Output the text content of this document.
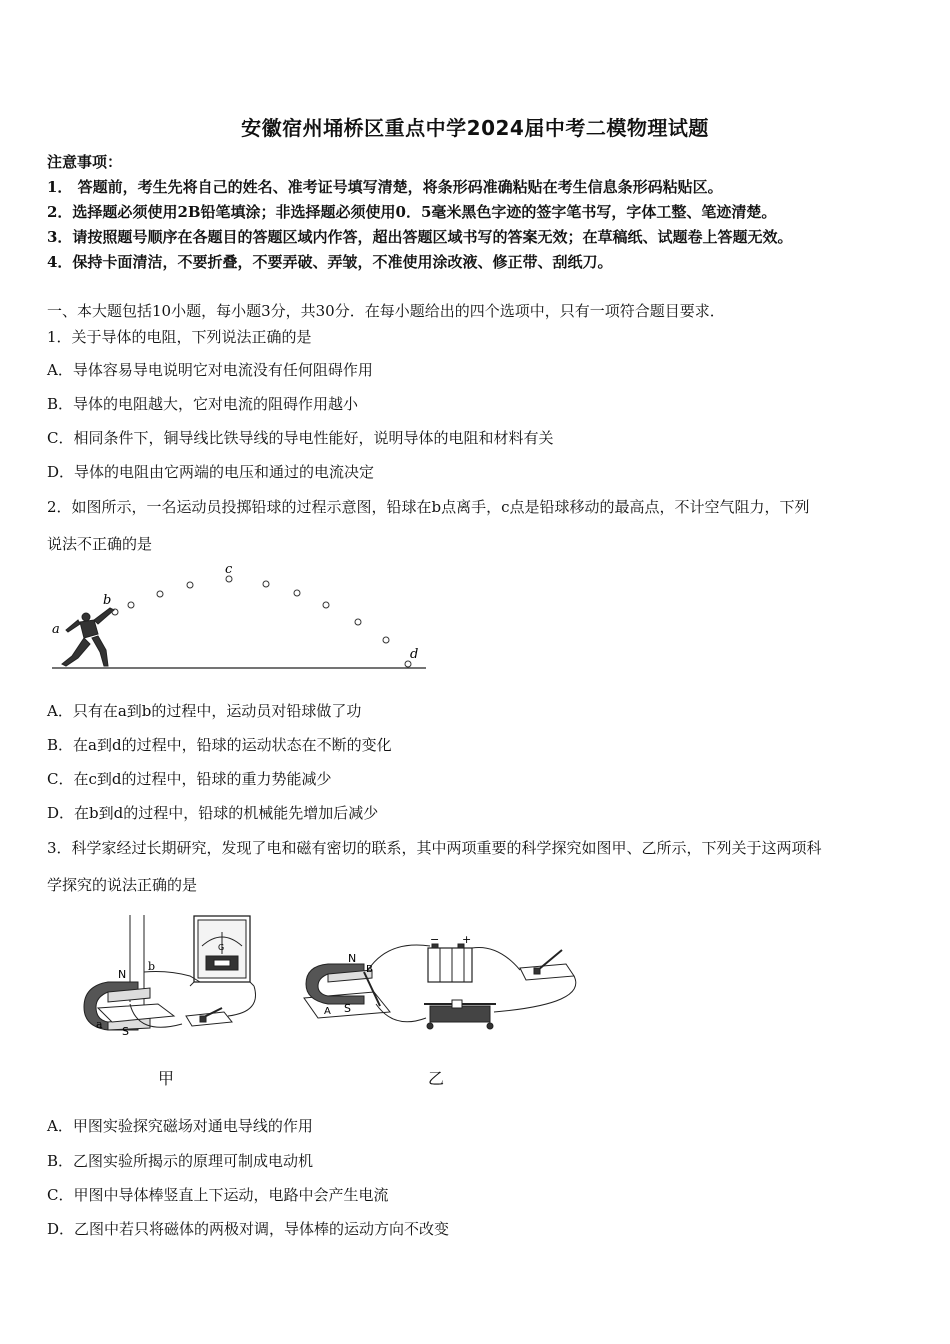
安徽宿州埇桥区重点中学2024届中考二模物理试题
注意事项：
1． 答题前，考生先将自己的姓名、准考证号填写清楚，将条形码准确粘贴在考生信息条形码粘贴区。
2．选择题必须使用2B铅笔填涂；非选择题必须使用0．5毫米黑色字迹的签字笔书写，字体工整、笔迹清楚。
3．请按照题号顺序在各题目的答题区域内作答，超出答题区域书写的答案无效；在草稿纸、试题卷上答题无效。
4．保持卡面清洁，不要折叠，不要弄破、弄皱，不准使用涂改液、修正带、刮纸刀。
一、本大题包括10小题，每小题3分，共30分．在每小题给出的四个选项中，只有一项符合题目要求．
1．关于导体的电阻，下列说法正确的是
A．导体容易导电说明它对电流没有任何阻碍作用
B．导体的电阻越大，它对电流的阻碍作用越小
C．相同条件下，铜导线比铁导线的导电性能好，说明导体的电阻和材料有关
D．导体的电阻由它两端的电压和通过的电流决定
2．如图所示，一名运动员投掷铅球的过程示意图，铅球在b点离手，c点是铅球移动的最高点，不计空气阻力，下列
说法不正确的是
a
b
c
d
A．只有在a到b的过程中，运动员对铅球做了功
B．在a到d的过程中，铅球的运动状态在不断的变化
C．在c到d的过程中，铅球的重力势能减少
D．在b到d的过程中，铅球的机械能先增加后减少
3．科学家经过长期研究，发现了电和磁有密切的联系，其中两项重要的科学探究如图甲、乙所示，下列关于这两项科
学探究的说法正确的是
N
S
a
b
G
甲
N
B
A S
− +
乙
A．甲图实验探究磁场对通电导线的作用
B．乙图实验所揭示的原理可制成电动机
C．甲图中导体棒竖直上下运动，电路中会产生电流
D．乙图中若只将磁体的两极对调，导体棒的运动方向不改变
